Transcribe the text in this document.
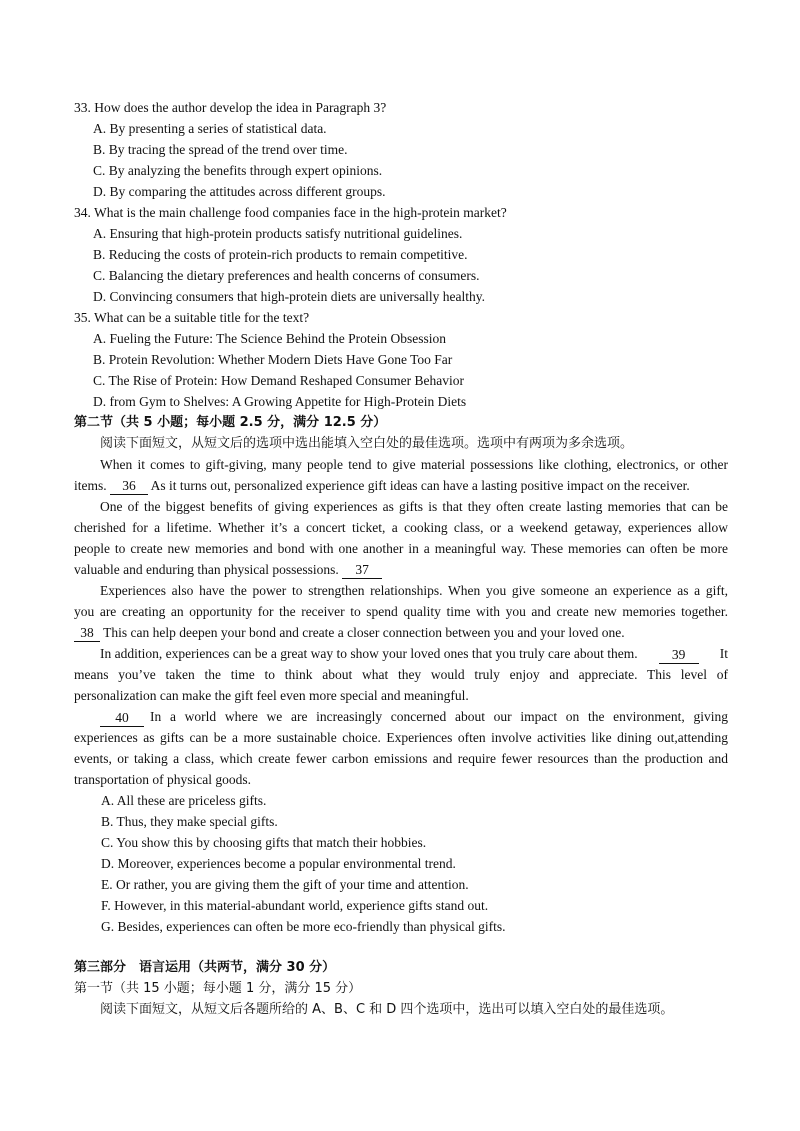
33. How does the author develop the idea in Paragraph 3?
A. By presenting a series of statistical data.
B. By tracing the spread of the trend over time.
C. By analyzing the benefits through expert opinions.
D. By comparing the attitudes across different groups.
34. What is the main challenge food companies face in the high-protein market?
A. Ensuring that high-protein products satisfy nutritional guidelines.
B. Reducing the costs of protein-rich products to remain competitive.
C. Balancing the dietary preferences and health concerns of consumers.
D. Convincing consumers that high-protein diets are universally healthy.
35. What can be a suitable title for the text?
A. Fueling the Future: The Science Behind the Protein Obsession
B. Protein Revolution: Whether Modern Diets Have Gone Too Far
C. The Rise of Protein: How Demand Reshaped Consumer Behavior
D. from Gym to Shelves: A Growing Appetite for High-Protein Diets
第二节（共 5 小题；每小题 2.5 分，满分 12.5 分）
阅读下面短文，从短文后的选项中选出能填入空白处的最佳选项。选项中有两项为多余选项。
When it comes to gift-giving, many people tend to give material possessions like clothing, electronics, or other
items. 36 As it turns out, personalized experience gift ideas can have a lasting positive impact on the receiver.
One of the biggest benefits of giving experiences as gifts is that they often create lasting memories that can be
cherished for a lifetime. Whether it’s a concert ticket, a cooking class, or a weekend getaway, experiences allow
people to create new memories and bond with one another in a meaningful way. These memories can often be more
valuable and enduring than physical possessions. 37
Experiences also have the power to strengthen relationships. When you give someone an experience as a gift,
you are creating an opportunity for the receiver to spend quality time with you and create new memories together.
38 This can help deepen your bond and create a closer connection between you and your loved one.
In addition, experiences can be a great way to show your loved ones that you truly care about them.	39	It
means you’ve taken the time to think about what they would truly enjoy and appreciate. This level of
personalization can make the gift feel even more special and meaningful.
40	In a world where we are increasingly concerned about our impact on the environment, giving
experiences as gifts can be a more sustainable choice. Experiences often involve activities like dining out,attending
events, or taking a class, which create fewer carbon emissions and require fewer resources than the production and
transportation of physical goods.
A. All these are priceless gifts.
B. Thus, they make special gifts.
C. You show this by choosing gifts that match their hobbies.
D. Moreover, experiences become a popular environmental trend.
E. Or rather, you are giving them the gift of your time and attention.
F. However, in this material-abundant world, experience gifts stand out.
G. Besides, experiences can often be more eco-friendly than physical gifts.
第三部分　语言运用（共两节，满分 30 分）
第一节（共 15 小题；每小题 1 分，满分 15 分）
阅读下面短文，从短文后各题所给的 A、B、C 和 D 四个选项中，选出可以填入空白处的最佳选项。
